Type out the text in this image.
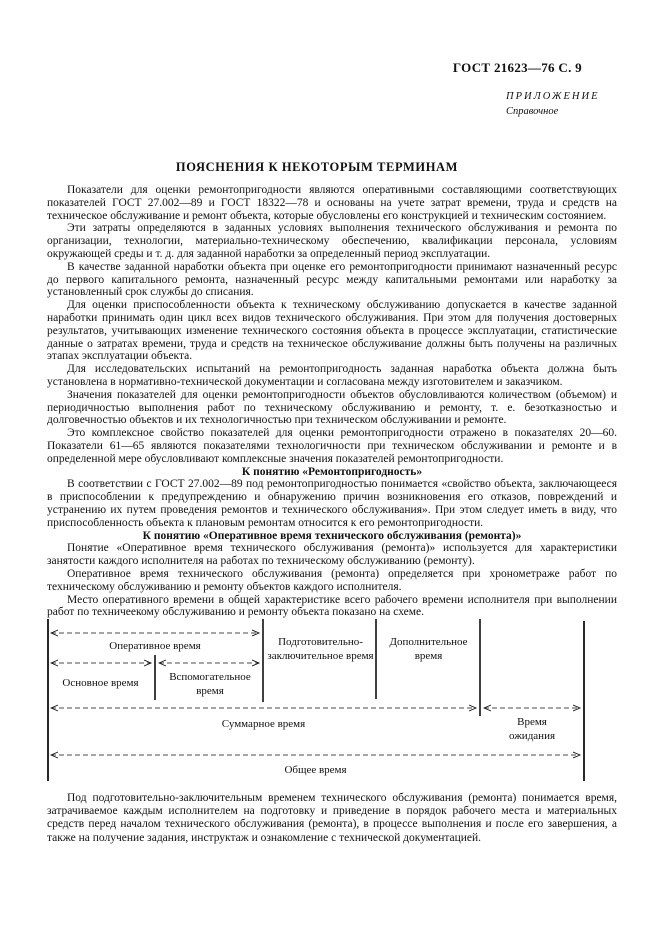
ГОСТ 21623—76 С. 9
ПРИЛОЖЕНИЕ
Справочное
ПОЯСНЕНИЯ К НЕКОТОРЫМ ТЕРМИНАМ

Показатели для оценки ремонтопригодности являются оперативными составляющими соответствующих показателей ГОСТ 27.002—89 и ГОСТ 18322—78 и основаны на учете затрат времени, труда и средств на техническое обслуживание и ремонт объекта, которые обусловлены его конструкцией и техническим состоянием.

Эти затраты определяются в заданных условиях выполнения технического обслуживания и ремонта по организации, технологии, материально-техническому обеспечению, квалификации персонала, условиям окружающей среды и т. д. для заданной наработки за определенный период эксплуатации.

В качестве заданной наработки объекта при оценке его ремонтопригодности принимают назначенный ресурс до первого капитального ремонта, назначенный ресурс между капитальными ремонтами или наработку за установленный срок службы до списания.

Для оценки приспособленности объекта к техническому обслуживанию допускается в качестве заданной наработки принимать один цикл всех видов технического обслуживания. При этом для получения достоверных результатов, учитывающих изменение технического состояния объекта в процессе эксплуатации, статистические данные о затратах времени, труда и средств на техническое обслуживание должны быть получены на различных этапах эксплуатации объекта.

Для исследовательских испытаний на ремонтопригодность заданная наработка объекта должна быть установлена в нормативно-технической документации и согласована между изготовителем и заказчиком.

Значения показателей для оценки ремонтопригодности объектов обусловливаются количеством (объемом) и периодичностью выполнения работ по техническому обслуживанию и ремонту, т. е. безотказностью и долговечностью объектов и их технологичностью при техническом обслуживании и ремонте.

Это комплексное свойство показателей для оценки ремонтопригодности отражено в показателях 20—60. Показатели 61—65 являются показателями технологичности при техническом обслуживании и ремонте и в определенной мере обусловливают комплексные значения показателей ремонтопригодности.

К понятию «Ремонтопригодность»

В соответствии с ГОСТ 27.002—89 под ремонтопригодностью понимается «свойство объекта, заключающееся в приспособлении к предупреждению и обнаружению причин возникновения его отказов, повреждений и устранению их путем проведения ремонтов и технического обслуживания». При этом следует иметь в виду, что приспособленность объекта к плановым ремонтам относится к его ремонтопригодности.

К понятию «Оперативное время технического обслуживания (ремонта)»

Понятие «Оперативное время технического обслуживания (ремонта)» используется для характеристики занятости каждого исполнителя на работах по техническому обслуживанию (ремонту).

Оперативное время технического обслуживания (ремонта) определяется при хронометраже работ по техническому обслуживанию и ремонту объектов каждого исполнителя.

Место оперативного времени в общей характеристике всего рабочего времени исполнителя при выполнении работ по техничеекому обслуживанию и ремонту объекта показано на схеме.

Оперативное время
Основное время	Вспомогательное время
Подготовительно-заключительное время
Дополнительное время
Суммарное время	Время ожидания
Общее время

Под подготовительно-заключительным временем технического обслуживания (ремонта) понимается время, затрачиваемое каждым исполнителем на подготовку и приведение в порядок рабочего места и материальных средств перед началом технического обслуживания (ремонта), в процессе выполнения и после его завершения, а также на получение задания, инструктаж и ознакомление с технической документацией.
